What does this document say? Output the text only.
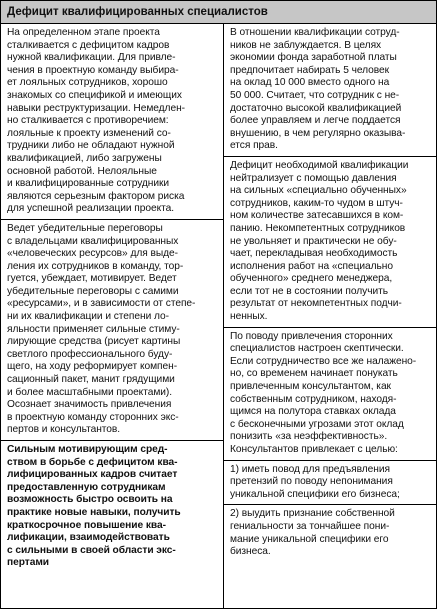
Дефицит квалифицированных специалистов
На определенном этапе проекта
сталкивается с дефицитом кадров
нужной квалификации. Для привле-
чения в проектную команду выбира-
ет лояльных сотрудников, хорошо
знакомых со спецификой и имеющих
навыки реструктуризации. Немедлен-
но сталкивается с противоречием:
лояльные к проекту изменений со-
трудники либо не обладают нужной
квалификацией, либо загружены
основной работой. Нелояльные
и квалифицированные сотрудники
являются серьезным фактором риска
для успешной реализации проекта.
Ведет убедительные переговоры
с владельцами квалифицированных
«человеческих ресурсов» для выде-
ления их сотрудников в команду, тор-
гуется, убеждает, мотивирует. Ведет
убедительные переговоры с самими
«ресурсами», и в зависимости от степе-
ни их квалификации и степени ло-
яльности применяет сильные стиму-
лирующие средства (рисует картины
светлого профессионального буду-
щего, на ходу реформирует компен-
сационный пакет, манит грядущими
и более масштабными проектами).
Осознает значимость привлечения
в проектную команду сторонних экс-
пертов и консультантов.
Сильным мотивирующим сред-
ством в борьбе с дефицитом ква-
лифицированных кадров считает
предоставленную сотрудникам
возможность быстро освоить на
практике новые навыки, получить
краткосрочное повышение ква-
лификации, взаимодействовать
с сильными в своей области экс-
пертами
В отношении квалификации сотруд-
ников не заблуждается. В целях
экономии фонда заработной платы
предпочитает набирать 5 человек
на оклад 10 000 вместо одного на
50 000. Считает, что сотрудник с не-
достаточно высокой квалификацией
более управляем и легче поддается
внушению, в чем регулярно оказыва-
ется прав.
Дефицит необходимой квалификации
нейтрализует с помощью давления
на сильных «специально обученных»
сотрудников, каким-то чудом в штуч-
ном количестве затесавшихся в ком-
панию. Некомпетентных сотрудников
не увольняет и практически не обу-
чает, перекладывая необходимость
исполнения работ на «специально
обученного» среднего менеджера,
если тот не в состоянии получить
результат от некомпетентных подчи-
ненных.
По поводу привлечения сторонних
специалистов настроен скептически.
Если сотрудничество все же налажено-
но, со временем начинает понукать
привлеченным консультантом, как
собственным сотрудником, находя-
щимся на полутора ставках оклада
с бесконечными угрозами этот оклад
понизить «за неэффективность».
Консультантов привлекает с целью:
1) иметь повод для предъявления
претензий по поводу непонимания
уникальной специфики его бизнеса;
2) выудить признание собственной
гениальности за тончайшее пони-
мание уникальной специфики его
бизнеса.
